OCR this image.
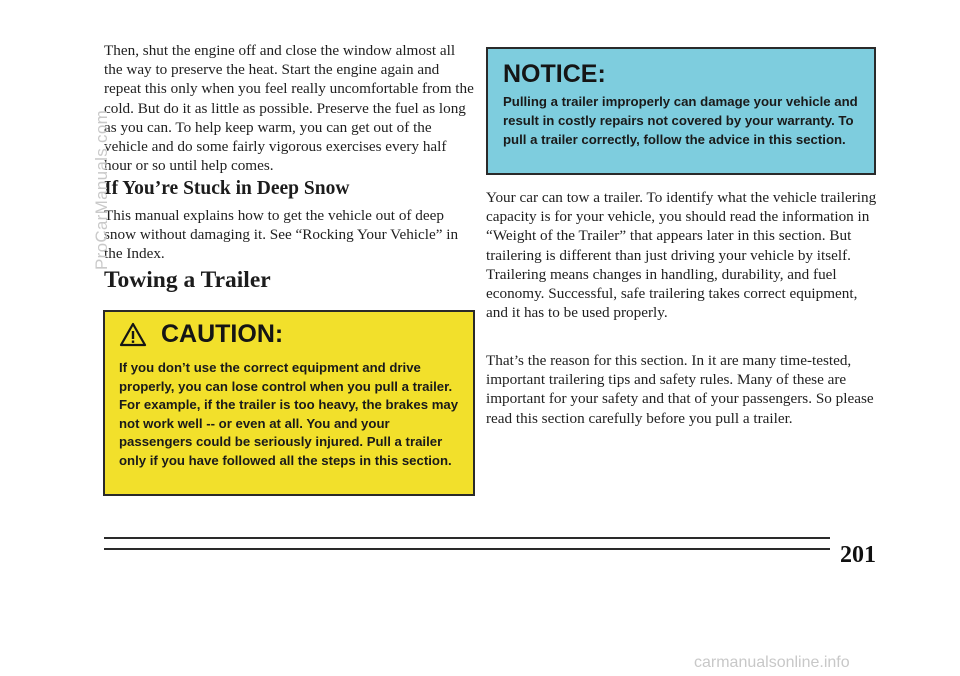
Then, shut the engine off and close the window almost all the way to preserve the heat. Start the engine again and repeat this only when you feel really uncomfortable from the cold. But do it as little as possible. Preserve the fuel as long as you can. To help keep warm, you can get out of the vehicle and do some fairly vigorous exercises every half hour or so until help comes.

If You’re Stuck in Deep Snow

This manual explains how to get the vehicle out of deep snow without damaging it. See “Rocking Your Vehicle” in the Index.

Towing a Trailer
CAUTION:

If you don’t use the correct equipment and drive properly, you can lose control when you pull a trailer. For example, if the trailer is too heavy, the brakes may not work well -- or even at all. You and your passengers could be seriously injured. Pull a trailer only if you have followed all the steps in this section.

NOTICE:

Pulling a trailer improperly can damage your vehicle and result in costly repairs not covered by your warranty. To pull a trailer correctly, follow the advice in this section.

Your car can tow a trailer. To identify what the vehicle trailering capacity is for your vehicle, you should read the information in “Weight of the Trailer” that appears later in this section. But trailering is different than just driving your vehicle by itself. Trailering means changes in handling, durability, and fuel economy. Successful, safe trailering takes correct equipment, and it has to be used properly.

That’s the reason for this section. In it are many time-tested, important trailering tips and safety rules. Many of these are important for your safety and that of your passengers. So please read this section carefully before you pull a trailer.

201
ProCarManuals.com
carmanualsonline.info
